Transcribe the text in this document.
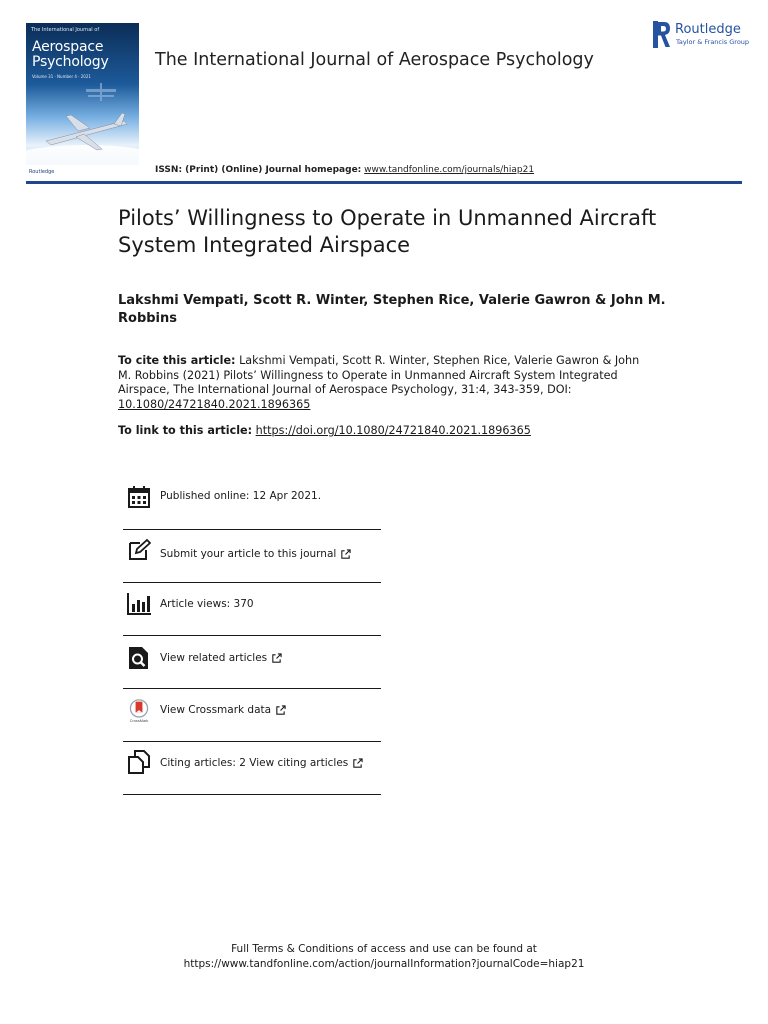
The International Journal of
Aerospace
Psychology
Volume 31 · Number 4 · 2021
Routledge
The International Journal of Aerospace Psychology
ISSN: (Print) (Online) Journal homepage: www.tandfonline.com/journals/hiap21
Routledge
Taylor & Francis Group
Pilots’ Willingness to Operate in Unmanned Aircraft System Integrated Airspace
Lakshmi Vempati, Scott R. Winter, Stephen Rice, Valerie Gawron & John M. Robbins
To cite this article: Lakshmi Vempati, Scott R. Winter, Stephen Rice, Valerie Gawron & John M. Robbins (2021) Pilots’ Willingness to Operate in Unmanned Aircraft System Integrated Airspace, The International Journal of Aerospace Psychology, 31:4, 343-359, DOI: 10.1080/24721840.2021.1896365
To link to this article: https://doi.org/10.1080/24721840.2021.1896365
Published online: 12 Apr 2021.
Submit your article to this journal
Article views: 370
View related articles
CrossMark
View Crossmark data
Citing articles: 2 View citing articles
Full Terms & Conditions of access and use can be found at
https://www.tandfonline.com/action/journalInformation?journalCode=hiap21
